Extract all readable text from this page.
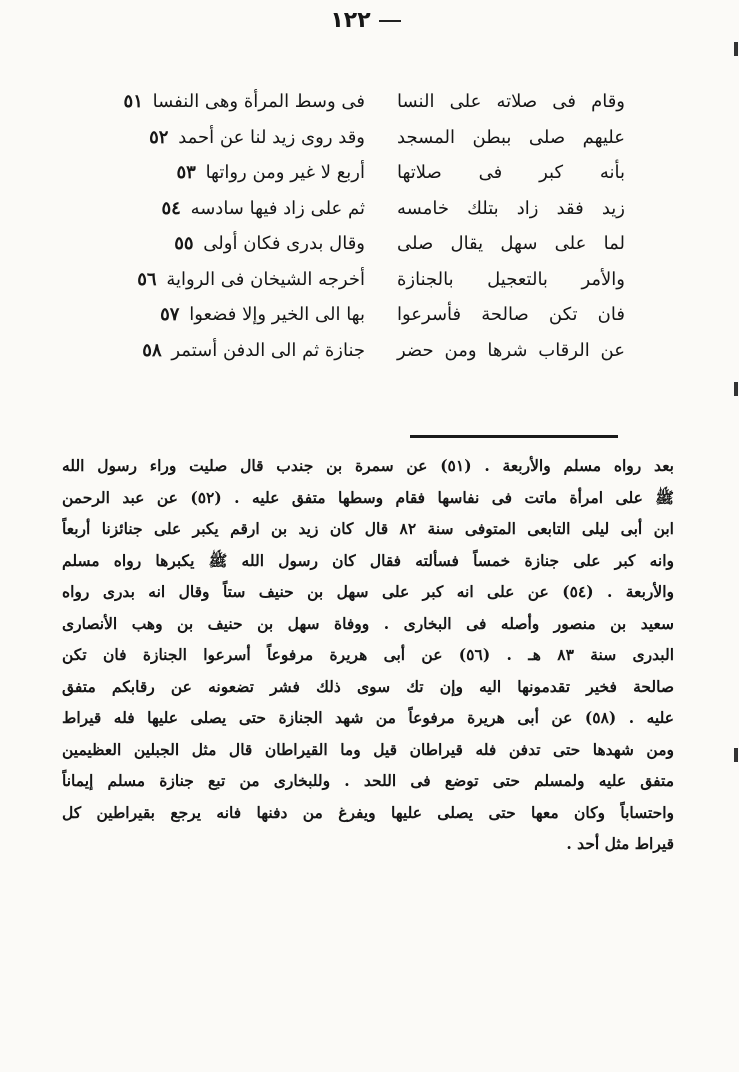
١٢٢
وقام فى صلاته على النسا
فى وسط المرأة وهى النفسا ٥١
عليهم صلى ببطن المسجد
وقد روى زيد لنا عن أحمد ٥٢
بأنه كبر فى صلاتها
أربع لا غير ومن رواتها ٥٣
زيد فقد زاد بتلك خامسه
ثم على زاد فيها سادسه ٥٤
لما على سهل يقال صلى
وقال بدرى فكان أولى ٥٥
والأمر بالتعجيل بالجنازة
أخرجه الشيخان فى الرواية ٥٦
فان تكن صالحة فأسرعوا
بها الى الخير وإلا فضعوا ٥٧
عن الرقاب شرها ومن حضر
جنازة ثم الى الدفن أستمر ٥٨
بعد رواه مسلم والأربعة . (٥١) عن سمرة بن جندب قال صليت وراء رسول الله
ﷺ على امرأة ماتت فى نفاسها فقام وسطها متفق عليه . (٥٢) عن عبد الرحمن
ابن أبى ليلى التابعى المتوفى سنة ٨٢ قال كان زيد بن ارقم يكبر على جنائزنا أربعاً
وانه كبر على جنازة خمساً فسألته فقال كان رسول الله ﷺ يكبرها رواه مسلم
والأربعة . (٥٤) عن على انه كبر على سهل بن حنيف ستاً وقال انه بدرى رواه
سعيد بن منصور وأصله فى البخارى . ووفاة سهل بن حنيف بن وهب الأنصارى
البدرى سنة ٨٣ هـ . (٥٦) عن أبى هريرة مرفوعاً أسرعوا الجنازة فان تكن
صالحة فخير تقدمونها اليه وإن تك سوى ذلك فشر تضعونه عن رقابكم متفق
عليه . (٥٨) عن أبى هريرة مرفوعاً من شهد الجنازة حتى يصلى عليها فله قيراط
ومن شهدها حتى تدفن فله قيراطان قيل وما القيراطان قال مثل الجبلين العظيمين
متفق عليه ولمسلم حتى توضع فى اللحد . وللبخارى من تبع جنازة مسلم إيماناً
واحتساباً وكان معها حتى يصلى عليها ويفرغ من دفنها فانه يرجع بقيراطين كل
قيراط مثل أحد .
